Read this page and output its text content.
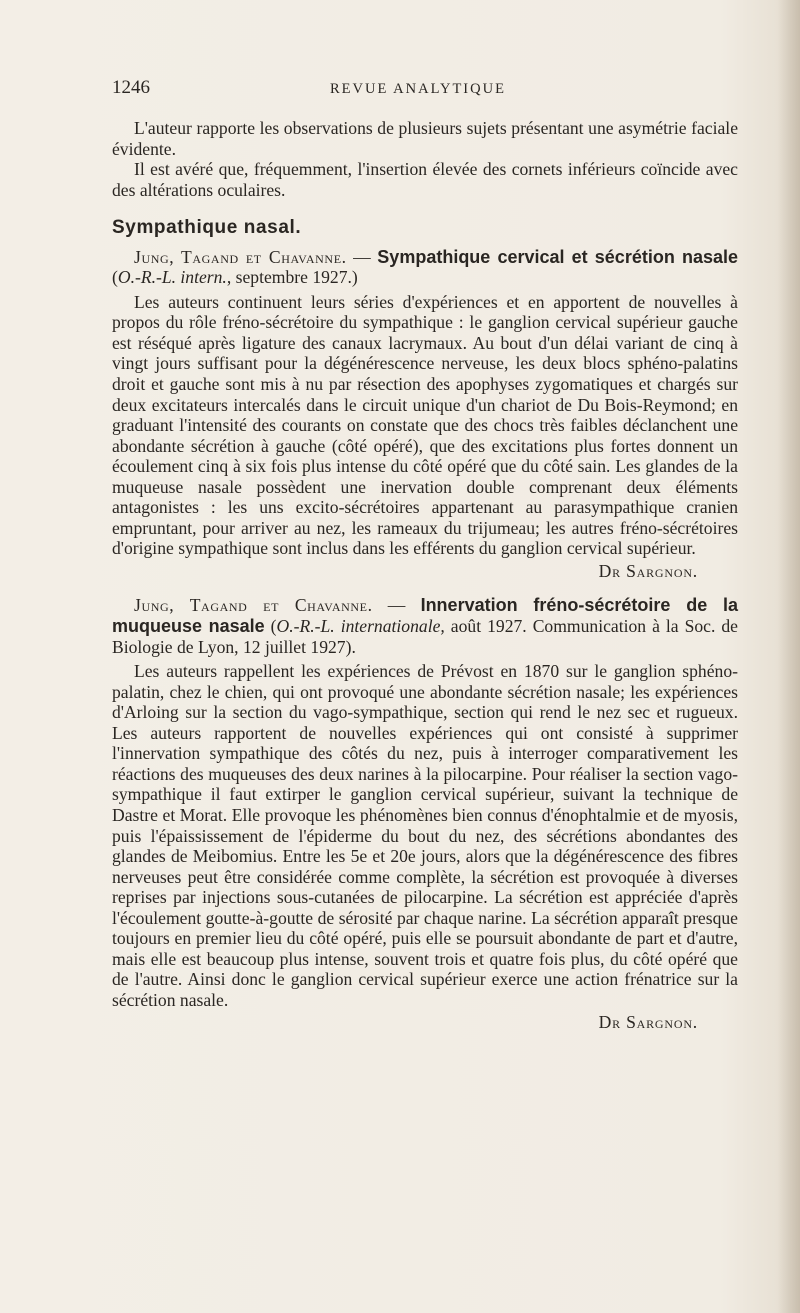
1246	REVUE ANALYTIQUE

L'auteur rapporte les observations de plusieurs sujets présentant une asymétrie faciale évidente.

Il est avéré que, fréquemment, l'insertion élevée des cornets inférieurs coïncide avec des altérations oculaires.

Sympathique nasal.

Jung, Tagand et Chavanne. — Sympathique cervical et sécrétion nasale (O.-R.-L. intern., septembre 1927.)

Les auteurs continuent leurs séries d'expériences et en apportent de nouvelles à propos du rôle fréno-sécrétoire du sympathique : le ganglion cervical supérieur gauche est réséqué après ligature des canaux lacrymaux. Au bout d'un délai variant de cinq à vingt jours suffisant pour la dégénérescence nerveuse, les deux blocs sphéno-palatins droit et gauche sont mis à nu par résection des apophyses zygomatiques et chargés sur deux excitateurs intercalés dans le circuit unique d'un chariot de Du Bois-Reymond; en graduant l'intensité des courants on constate que des chocs très faibles déclanchent une abondante sécrétion à gauche (côté opéré), que des excitations plus fortes donnent un écoulement cinq à six fois plus intense du côté opéré que du côté sain. Les glandes de la muqueuse nasale possèdent une inervation double comprenant deux éléments antagonistes : les uns excito-sécrétoires appartenant au parasympathique cranien empruntant, pour arriver au nez, les rameaux du trijumeau; les autres fréno-sécrétoires d'origine sympathique sont inclus dans les efférents du ganglion cervical supérieur.

Dr Sargnon.

Jung, Tagand et Chavanne. — Innervation fréno-sécrétoire de la muqueuse nasale (O.-R.-L. internationale, août 1927. Communication à la Soc. de Biologie de Lyon, 12 juillet 1927).

Les auteurs rappellent les expériences de Prévost en 1870 sur le ganglion sphéno-palatin, chez le chien, qui ont provoqué une abondante sécrétion nasale; les expériences d'Arloing sur la section du vago-sympathique, section qui rend le nez sec et rugueux. Les auteurs rapportent de nouvelles expériences qui ont consisté à supprimer l'innervation sympathique des côtés du nez, puis à interroger comparativement les réactions des muqueuses des deux narines à la pilocarpine. Pour réaliser la section vago-sympathique il faut extirper le ganglion cervical supérieur, suivant la technique de Dastre et Morat. Elle provoque les phénomènes bien connus d'énophtalmie et de myosis, puis l'épaississement de l'épiderme du bout du nez, des sécrétions abondantes des glandes de Meibomius. Entre les 5e et 20e jours, alors que la dégénérescence des fibres nerveuses peut être considérée comme complète, la sécrétion est provoquée à diverses reprises par injections sous-cutanées de pilocarpine. La sécrétion est appréciée d'après l'écoulement goutte-à-goutte de sérosité par chaque narine. La sécrétion apparaît presque toujours en premier lieu du côté opéré, puis elle se poursuit abondante de part et d'autre, mais elle est beaucoup plus intense, souvent trois et quatre fois plus, du côté opéré que de l'autre. Ainsi donc le ganglion cervical supérieur exerce une action frénatrice sur la sécrétion nasale.

Dr Sargnon.
